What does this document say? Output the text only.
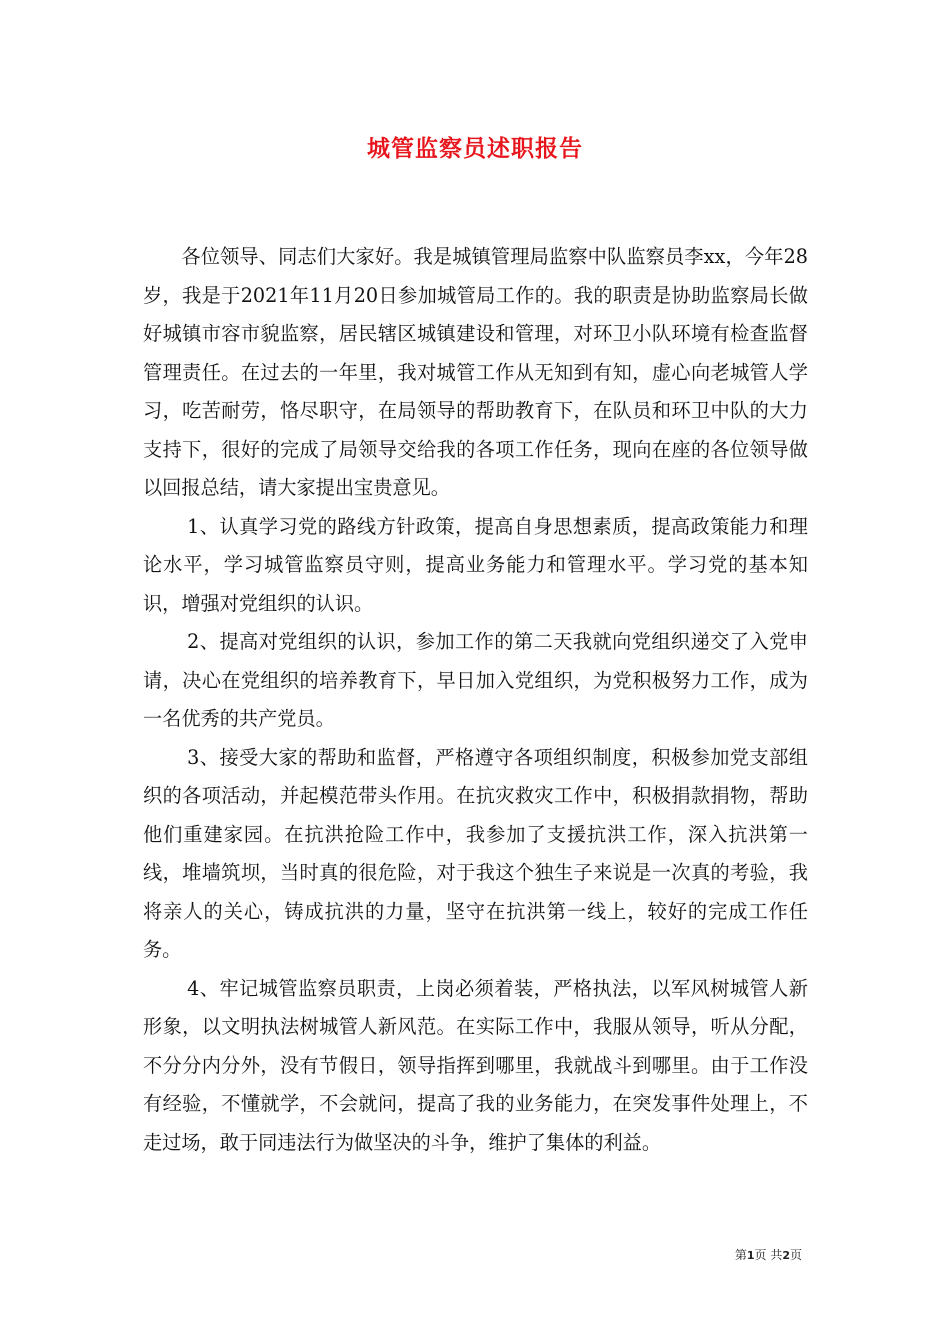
城管监察员述职报告

各位领导、同志们大家好。我是城镇管理局监察中队监察员李xx，今年28岁，我是于2021年11月20日参加城管局工作的。我的职责是协助监察局长做好城镇市容市貌监察，居民辖区城镇建设和管理，对环卫小队环境有检查监督管理责任。在过去的一年里，我对城管工作从无知到有知，虚心向老城管人学习，吃苦耐劳，恪尽职守，在局领导的帮助教育下，在队员和环卫中队的大力支持下，很好的完成了局领导交给我的各项工作任务，现向在座的各位领导做以回报总结，请大家提出宝贵意见。

1、认真学习党的路线方针政策，提高自身思想素质，提高政策能力和理论水平，学习城管监察员守则，提高业务能力和管理水平。学习党的基本知识，增强对党组织的认识。

2、提高对党组织的认识，参加工作的第二天我就向党组织递交了入党申请，决心在党组织的培养教育下，早日加入党组织，为党积极努力工作，成为一名优秀的共产党员。

3、接受大家的帮助和监督，严格遵守各项组织制度，积极参加党支部组织的各项活动，并起模范带头作用。在抗灾救灾工作中，积极捐款捐物，帮助他们重建家园。在抗洪抢险工作中，我参加了支援抗洪工作，深入抗洪第一线，堆墙筑坝，当时真的很危险，对于我这个独生子来说是一次真的考验，我将亲人的关心，铸成抗洪的力量，坚守在抗洪第一线上，较好的完成工作任务。

4、牢记城管监察员职责，上岗必须着装，严格执法，以军风树城管人新形象，以文明执法树城管人新风范。在实际工作中，我服从领导，听从分配，不分分内分外，没有节假日，领导指挥到哪里，我就战斗到哪里。由于工作没有经验，不懂就学，不会就问，提高了我的业务能力，在突发事件处理上，不走过场，敢于同违法行为做坚决的斗争，维护了集体的利益。

第1页 共2页
